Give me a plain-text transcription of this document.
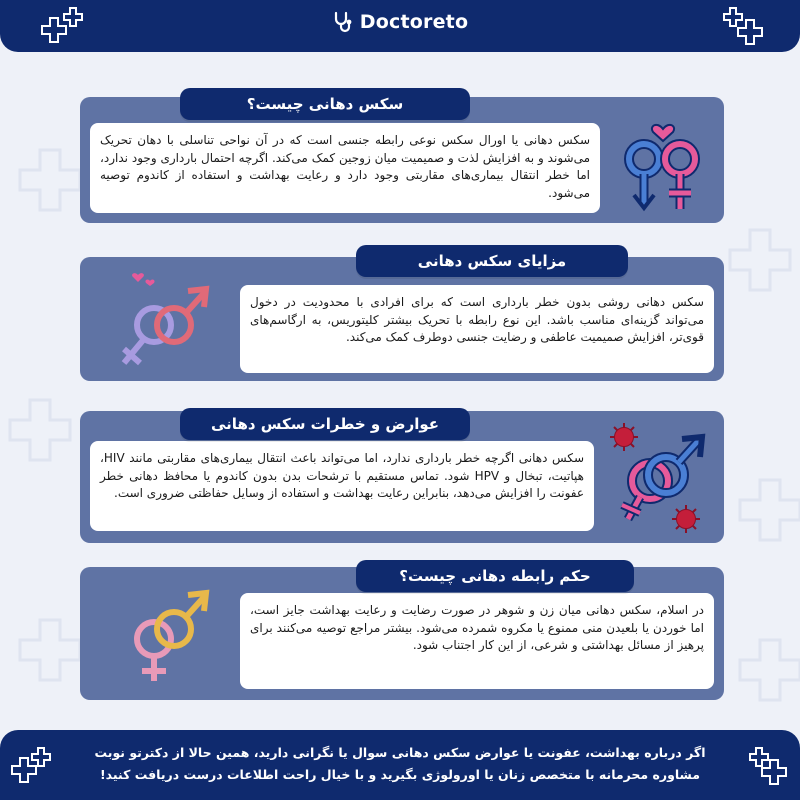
Doctoreto
سکس دهانی یا اورال سکس نوعی رابطه جنسی است که در آن نواحی تناسلی با دهان تحریک می‌شوند و به افزایش لذت و صمیمیت میان زوجین کمک می‌کند. اگرچه احتمال بارداری وجود ندارد، اما خطر انتقال بیماری‌های مقاربتی وجود دارد و رعایت بهداشت و استفاده از کاندوم توصیه می‌شود.
سکس دهانی چیست؟
سکس دهانی روشی بدون خطر بارداری است که برای افرادی با محدودیت در دخول می‌تواند گزینه‌ای مناسب باشد. این نوع رابطه با تحریک بیشتر کلیتوریس، به ارگاسم‌های قوی‌تر، افزایش صمیمیت عاطفی و رضایت جنسی دوطرف کمک می‌کند.
مزایای سکس دهانی
سکس دهانی اگرچه خطر بارداری ندارد، اما می‌تواند باعث انتقال بیماری‌های مقاربتی مانند HIV، هپاتیت، تبخال و HPV شود. تماس مستقیم با ترشحات بدن بدون کاندوم یا محافظ دهانی خطر عفونت را افزایش می‌دهد، بنابراین رعایت بهداشت و استفاده از وسایل حفاظتی ضروری است.
عوارض و خطرات سکس دهانی
در اسلام، سکس دهانی میان زن و شوهر در صورت رضایت و رعایت بهداشت جایز است، اما خوردن یا بلعیدن منی ممنوع یا مکروه شمرده می‌شود. بیشتر مراجع توصیه می‌کنند برای پرهیز از مسائل بهداشتی و شرعی، از این کار اجتناب شود.
حکم رابطه دهانی چیست؟
اگر درباره بهداشت، عفونت یا عوارض سکس دهانی سوال یا نگرانی دارید، همین حالا از دکترتو نوبت
مشاوره محرمانه با متخصص زنان یا اورولوژی بگیرید و با خیال راحت اطلاعات درست دریافت کنید!
